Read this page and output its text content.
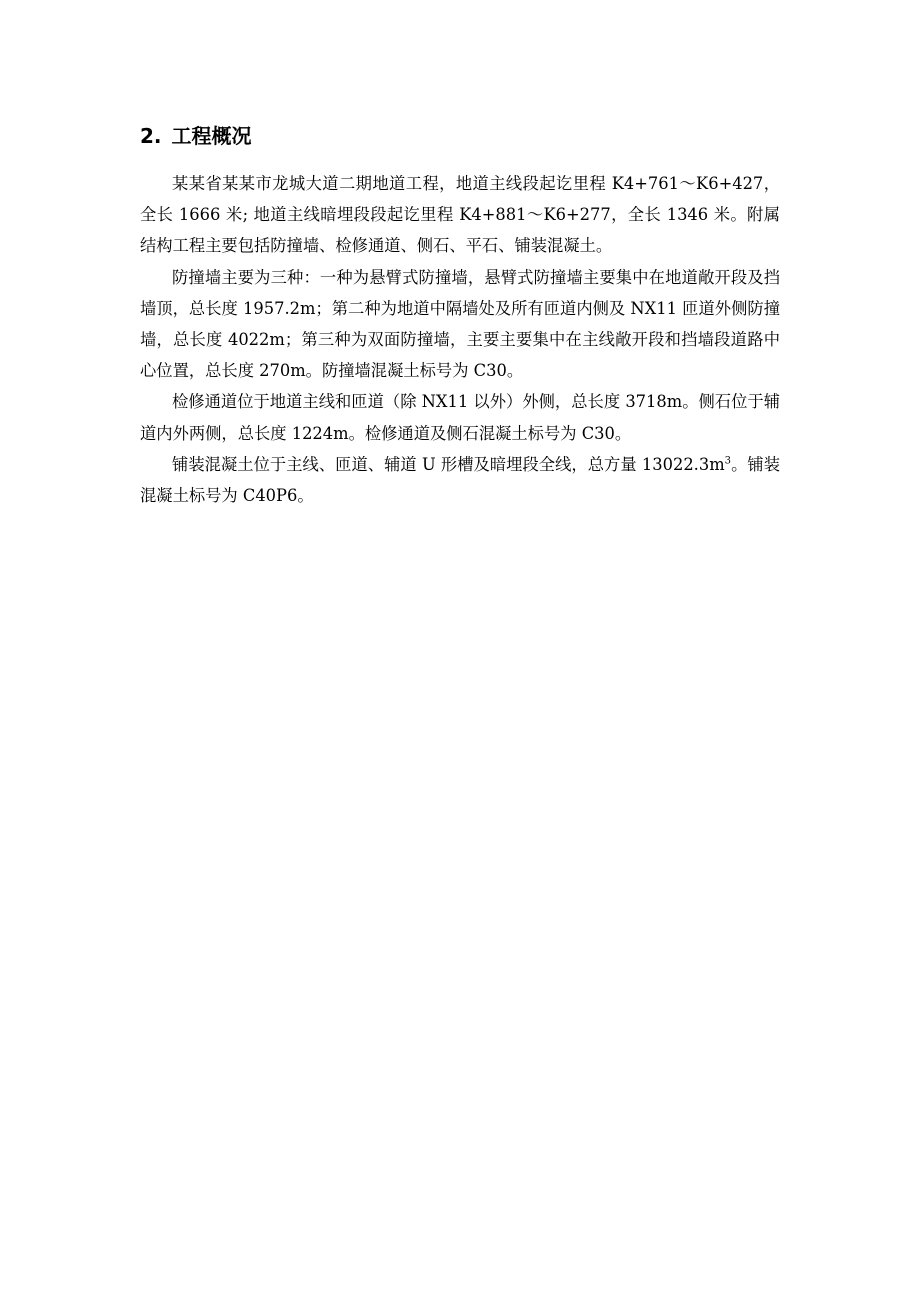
2. 工程概况

某某省某某市龙城大道二期地道工程，地道主线段起讫里程 K4+761～K6+427，全长 1666 米; 地道主线暗埋段段起讫里程 K4+881～K6+277，全长 1346 米。附属结构工程主要包括防撞墙、检修通道、侧石、平石、铺装混凝土。

防撞墙主要为三种：一种为悬臂式防撞墙，悬臂式防撞墙主要集中在地道敞开段及挡墙顶，总长度 1957.2m；第二种为地道中隔墙处及所有匝道内侧及 NX11 匝道外侧防撞墙，总长度 4022m；第三种为双面防撞墙，主要主要集中在主线敞开段和挡墙段道路中心位置，总长度 270m。防撞墙混凝土标号为 C30。

检修通道位于地道主线和匝道（除 NX11 以外）外侧，总长度 3718m。侧石位于辅道内外两侧，总长度 1224m。检修通道及侧石混凝土标号为 C30。

铺装混凝土位于主线、匝道、辅道 U 形槽及暗埋段全线，总方量 $13022.3m^3$。铺装混凝土标号为 C40P6。
